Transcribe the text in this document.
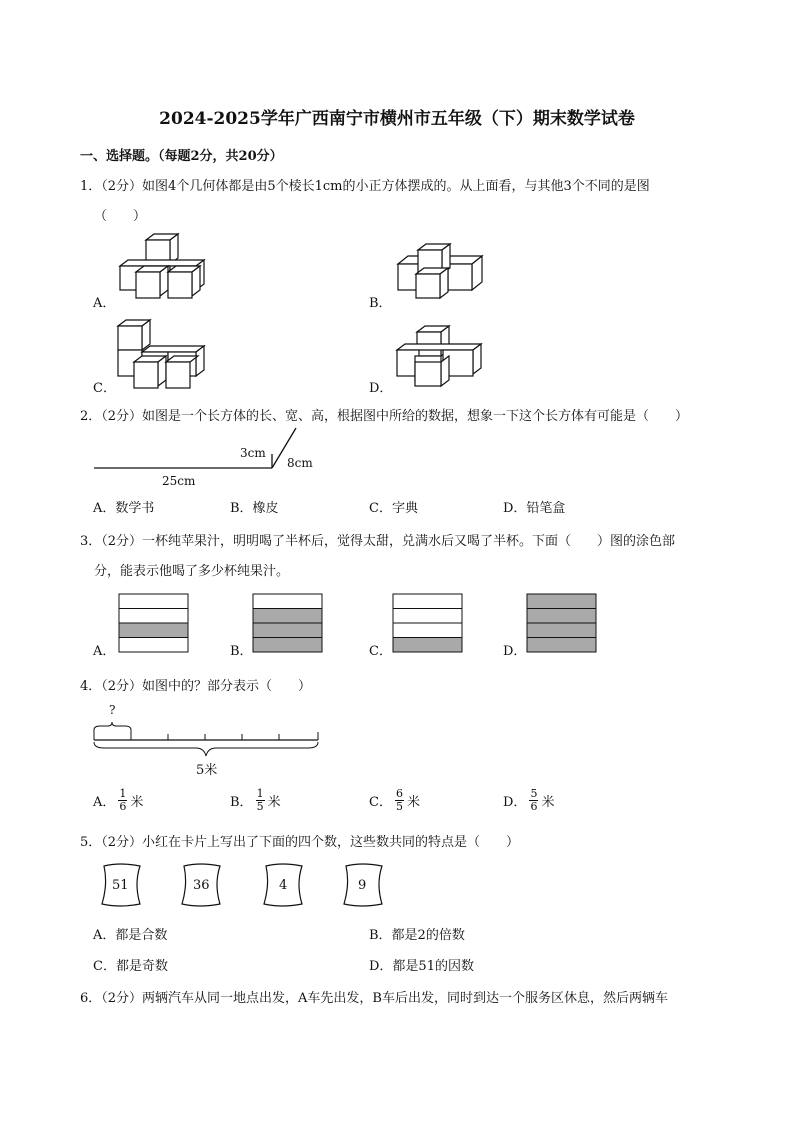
2024-2025学年广西南宁市横州市五年级（下）期末数学试卷
一、选择题。（每题2分，共20分）
1．（2分）如图4个几何体都是由5个棱长1cm的小正方体摆成的。从上面看，与其他3个不同的是图
（　　）
A．	B．
C．	D．
2．（2分）如图是一个长方体的长、宽、高，根据图中所给的数据，想象一下这个长方体有可能是（　　）
3cm
8cm
25cm
A．数学书	B．橡皮	C．字典	D．铅笔盒
3．（2分）一杯纯苹果汁，明明喝了半杯后，觉得太甜，兑满水后又喝了半杯。下面（　　）图的涂色部
分，能表示他喝了多少杯纯果汁。
A．	B．	C．	D．
4．（2分）如图中的？部分表示（　　）
?
5米
A． $\frac{1}{6}$ 米	B． $\frac{1}{5}$ 米	C． $\frac{6}{5}$ 米	D． $\frac{5}{6}$ 米
5．（2分）小红在卡片上写出了下面的四个数，这些数共同的特点是（　　）
51	36	4	9
A．都是合数	B．都是2的倍数
C．都是奇数	D．都是51的因数
6．（2分）两辆汽车从同一地点出发，A车先出发，B车后出发，同时到达一个服务区休息，然后两辆车
